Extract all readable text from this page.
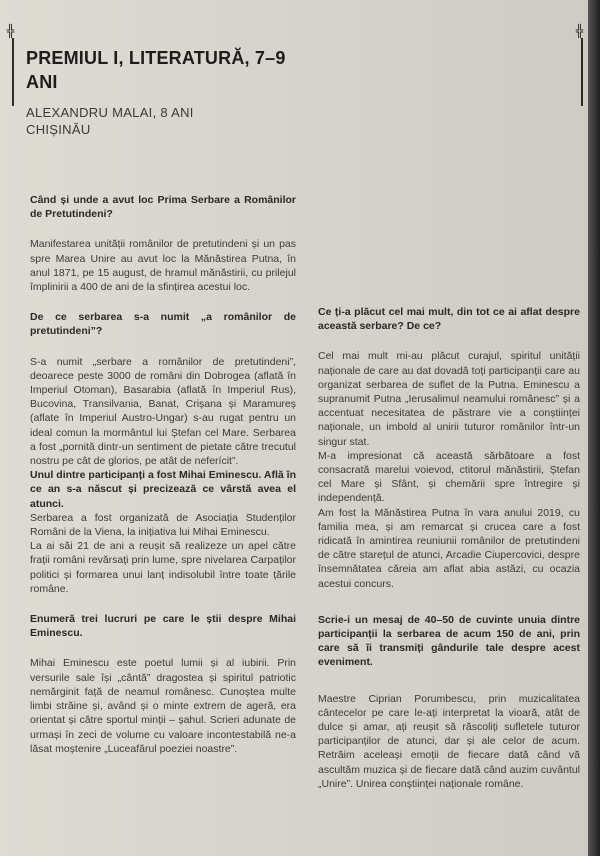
╬	╬
PREMIUL I, LITERATURĂ, 7–9 ANI
ALEXANDRU MALAI, 8 ANI
CHIȘINĂU

Când și unde a avut loc Prima Serbare a Românilor de Pretutindeni?

Manifestarea unității românilor de pretutindeni și un pas spre Marea Unire au avut loc la Mănăstirea Putna, în anul 1871, pe 15 august, de hramul mănăstirii, cu prilejul împlinirii a 400 de ani de la sfințirea acestui loc.

De ce serbarea s-a numit „a românilor de pretutindeni”?

S-a numit „serbare a românilor de pretutindeni”, deoarece peste 3000 de români din Dobrogea (aflată în Imperiul Otoman), Basarabia (aflată în Imperiul Rus), Bucovina, Transilvania, Banat, Crișana și Maramureș (aflate în Imperiul Austro-Ungar) s-au rugat pentru un ideal comun la mormântul lui Ștefan cel Mare. Serbarea a fost „pornită dintr-un sentiment de pietate către trecutul nostru pe cât de glorios, pe atât de neferícit”.

Unul dintre participanți a fost Mihai Eminescu. Află în ce an s-a născut și precizează ce vârstă avea el atunci.

Serbarea a fost organizată de Asociația Studenților Români de la Viena, la inițiativa lui Mihai Eminescu.

La ai săi 21 de ani a reușit să realizeze un apel către frații români revărsați prin lume, spre nivelarea Carpaților politici și formarea unui lanț indisolubil între toate țările române.

Enumeră trei lucruri pe care le știi despre Mihai Eminescu.

Mihai Eminescu este poetul lumii și al iubirii. Prin versurile sale își „cântă” dragostea și spiritul patriotic nemărginit față de neamul românesc. Cunoștea multe limbi străine și, având și o minte extrem de ageră, era orientat și către sportul minții – șahul. Scrieri adunate de urmași în zeci de volume cu valoare incontestabilă ne-a lăsat moștenire „Luceafărul poeziei noastre”.

Ce ți-a plăcut cel mai mult, din tot ce ai aflat despre această serbare? De ce?

Cel mai mult mi-au plăcut curajul, spiritul unității naționale de care au dat dovadă toți participanții care au organizat serbarea de suflet de la Putna. Eminescu a supranumit Putna „Ierusalimul neamului românesc” și a accentuat necesitatea de păstrare vie a conștiinței naționale, un imbold al unirii tuturor românilor într-un singur stat.

M-a impresionat că această sărbătoare a fost consacrată marelui voievod, ctitorul mănăstirii, Ștefan cel Mare și Sfânt, și chemării spre întregire și independență.

Am fost la Mănăstirea Putna în vara anului 2019, cu familia mea, și am remarcat și crucea care a fost ridicată în amintirea reuniunii românilor de pretutindeni de către starețul de atunci, Arcadie Ciupercovici, despre însemnătatea căreia am aflat abia astăzi, cu ocazia acestui concurs.

Scrie-i un mesaj de 40–50 de cuvinte unuia dintre participanții la serbarea de acum 150 de ani, prin care să îi transmiți gândurile tale despre acest eveniment.

Maestre Ciprian Porumbescu, prin muzicalitatea cântecelor pe care le-ați interpretat la vioară, atât de dulce și amar, ați reușit să răscoliți sufletele tuturor participanților de atunci, dar și ale celor de acum. Retrăim aceleași emoții de fiecare dată când vă ascultăm muzica și de fiecare dată când auzim cuvântul „Unire”. Unirea conștiinței naționale române.
